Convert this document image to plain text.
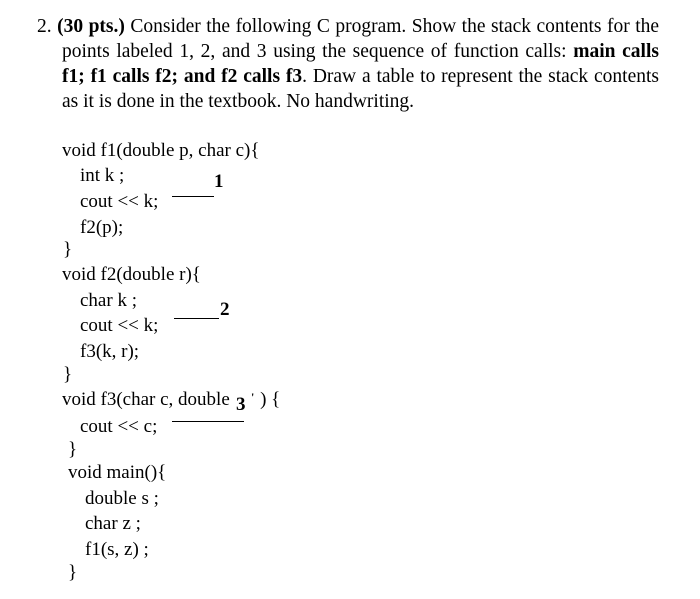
2. (30 pts.) Consider the following C program. Show the stack contents for the points labeled 1, 2, and 3 using the sequence of function calls: main calls f1; f1 calls f2; and f2 calls f3. Draw a table to represent the stack contents as it is done in the textbook. No handwriting.
void f1(double p, char c){
int k ;	1
cout << k;
f2(p);
}
void f2(double r){
char k ;	2
cout << k;
f3(k, r);
}
void f3(char c, double ) {
3 '
cout << c;
}
void main(){
double s ;
char z ;
f1(s, z) ;
}
